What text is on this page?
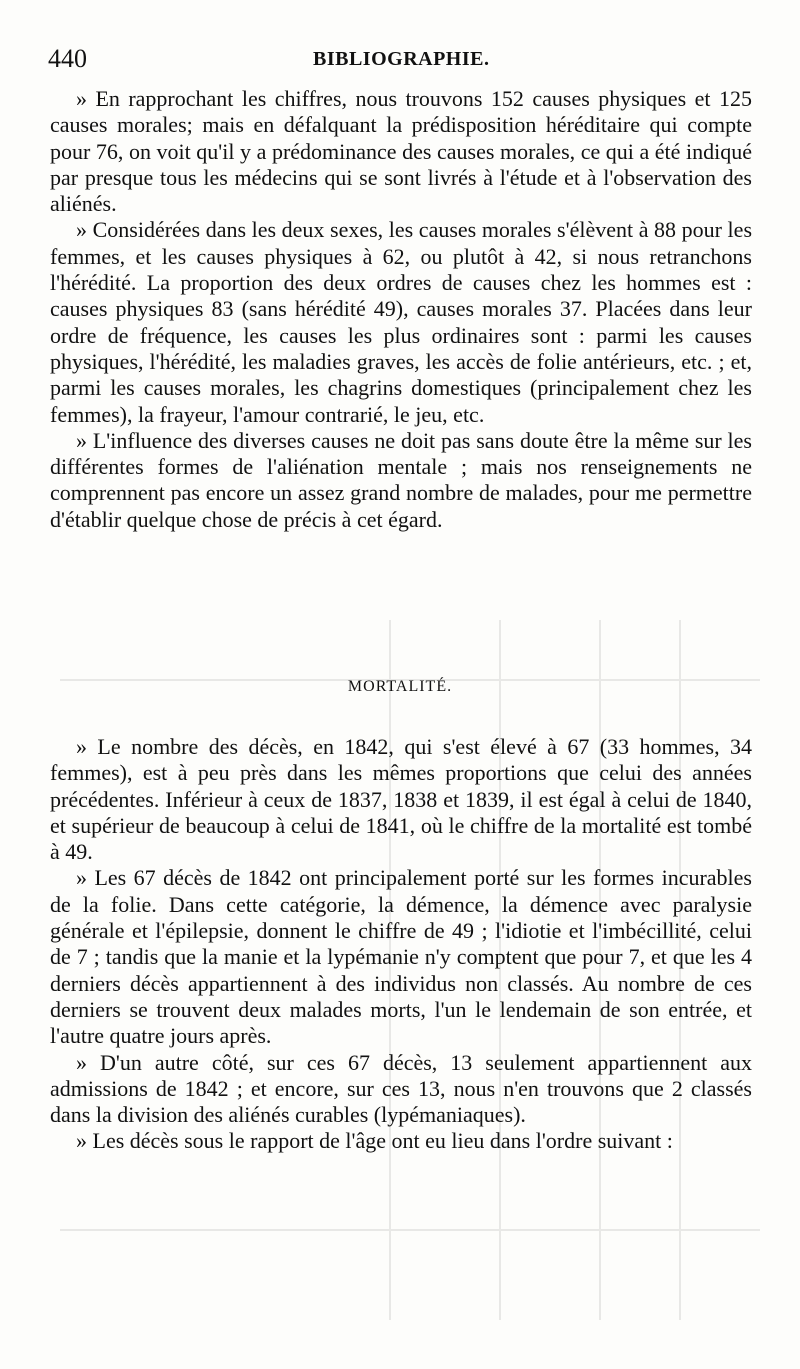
440	BIBLIOGRAPHIE.

» En rapprochant les chiffres, nous trouvons 152 causes physiques et 125 causes morales; mais en défalquant la prédisposition héréditaire qui compte pour 76, on voit qu'il y a prédominance des causes morales, ce qui a été indiqué par presque tous les médecins qui se sont livrés à l'étude et à l'observation des aliénés.

» Considérées dans les deux sexes, les causes morales s'élèvent à 88 pour les femmes, et les causes physiques à 62, ou plutôt à 42, si nous retranchons l'hérédité. La proportion des deux ordres de causes chez les hommes est : causes physiques 83 (sans hérédité 49), causes morales 37. Placées dans leur ordre de fréquence, les causes les plus ordinaires sont : parmi les causes physiques, l'hérédité, les maladies graves, les accès de folie antérieurs, etc. ; et, parmi les causes morales, les chagrins domestiques (principalement chez les femmes), la frayeur, l'amour contrarié, le jeu, etc.

» L'influence des diverses causes ne doit pas sans doute être la même sur les différentes formes de l'aliénation mentale ; mais nos renseignements ne comprennent pas encore un assez grand nombre de malades, pour me permettre d'établir quelque chose de précis à cet égard.

MORTALITÉ.

» Le nombre des décès, en 1842, qui s'est élevé à 67 (33 hommes, 34 femmes), est à peu près dans les mêmes proportions que celui des années précédentes. Inférieur à ceux de 1837, 1838 et 1839, il est égal à celui de 1840, et supérieur de beaucoup à celui de 1841, où le chiffre de la mortalité est tombé à 49.

» Les 67 décès de 1842 ont principalement porté sur les formes incurables de la folie. Dans cette catégorie, la démence, la démence avec paralysie générale et l'épilepsie, donnent le chiffre de 49 ; l'idiotie et l'imbécillité, celui de 7 ; tandis que la manie et la lypémanie n'y comptent que pour 7, et que les 4 derniers décès appartiennent à des individus non classés. Au nombre de ces derniers se trouvent deux malades morts, l'un le lendemain de son entrée, et l'autre quatre jours après.

» D'un autre côté, sur ces 67 décès, 13 seulement appartiennent aux admissions de 1842 ; et encore, sur ces 13, nous n'en trouvons que 2 classés dans la division des aliénés curables (lypémaniaques).

» Les décès sous le rapport de l'âge ont eu lieu dans l'ordre suivant :
